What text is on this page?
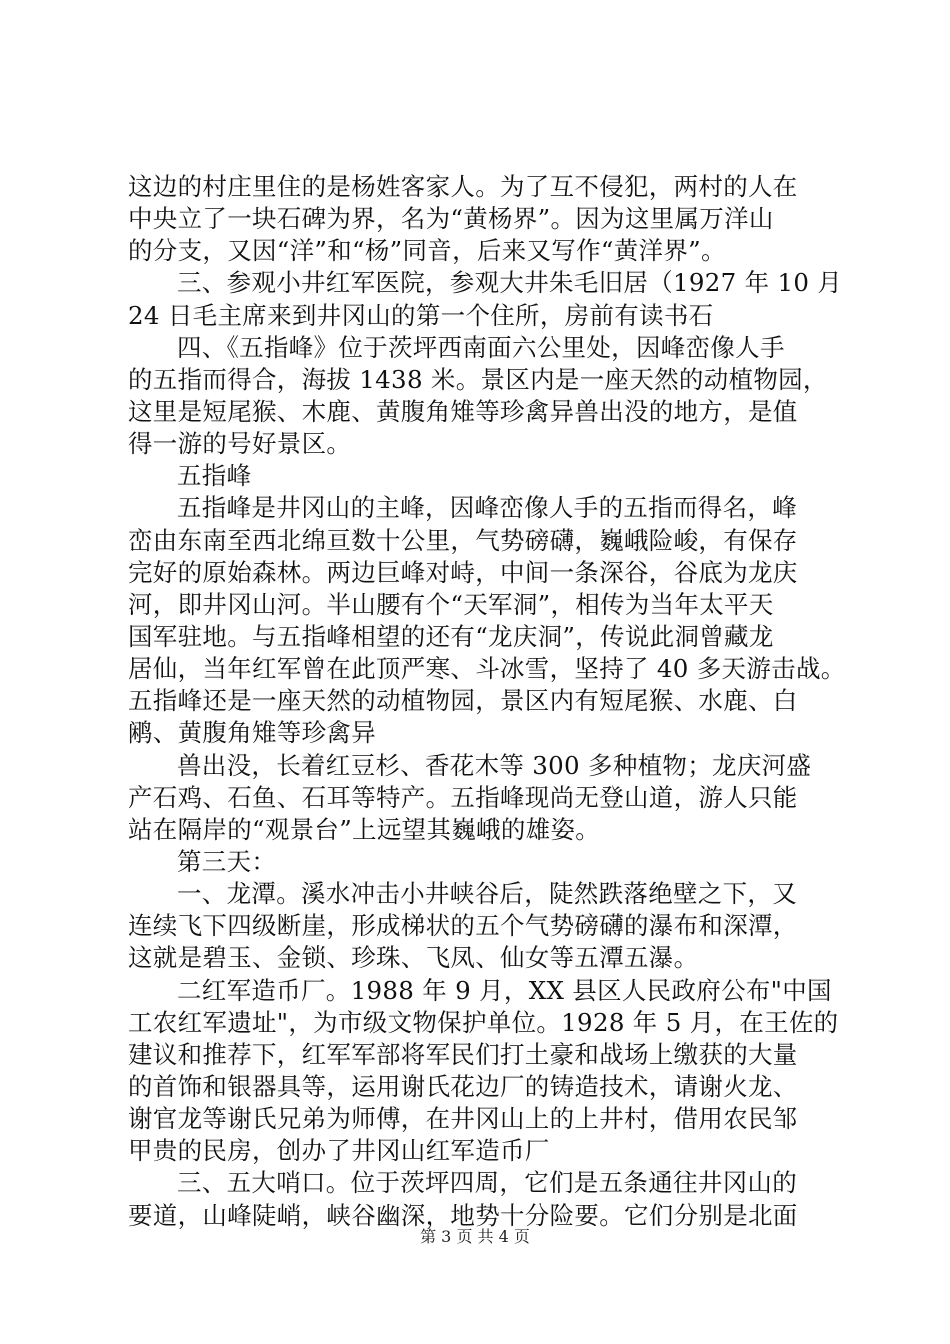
这边的村庄里住的是杨姓客家人。为了互不侵犯，两村的人在
中央立了一块石碑为界，名为“黄杨界”。因为这里属万洋山
的分支，又因“洋”和“杨”同音，后来又写作“黄洋界”。
三、参观小井红军医院，参观大井朱毛旧居（1927 年 10 月
24 日毛主席来到井冈山的第一个住所，房前有读书石
四、《五指峰》位于茨坪西南面六公里处，因峰峦像人手
的五指而得合，海拔 1438 米。景区内是一座天然的动植物园，
这里是短尾猴、木鹿、黄腹角雉等珍禽异兽出没的地方，是值
得一游的号好景区。
五指峰
五指峰是井冈山的主峰，因峰峦像人手的五指而得名，峰
峦由东南至西北绵亘数十公里，气势磅礴，巍峨险峻，有保存
完好的原始森林。两边巨峰对峙，中间一条深谷，谷底为龙庆
河，即井冈山河。半山腰有个“天军洞”，相传为当年太平天
国军驻地。与五指峰相望的还有“龙庆洞”，传说此洞曾藏龙
居仙，当年红军曾在此顶严寒、斗冰雪，坚持了 40 多天游击战。
五指峰还是一座天然的动植物园，景区内有短尾猴、水鹿、白
鹇、黄腹角雉等珍禽异
兽出没，长着红豆杉、香花木等 300 多种植物；龙庆河盛
产石鸡、石鱼、石耳等特产。五指峰现尚无登山道，游人只能
站在隔岸的“观景台”上远望其巍峨的雄姿。
第三天：
一、龙潭。溪水冲击小井峡谷后，陡然跌落绝壁之下，又
连续飞下四级断崖，形成梯状的五个气势磅礴的瀑布和深潭，
这就是碧玉、金锁、珍珠、飞凤、仙女等五潭五瀑。
二红军造币厂。1988 年 9 月，XX 县区人民政府公布"中国
工农红军遗址"，为市级文物保护单位。1928 年 5 月，在王佐的
建议和推荐下，红军军部将军民们打土豪和战场上缴获的大量
的首饰和银器具等，运用谢氏花边厂的铸造技术，请谢火龙、
谢官龙等谢氏兄弟为师傅，在井冈山上的上井村，借用农民邹
甲贵的民房，创办了井冈山红军造币厂
三、五大哨口。位于茨坪四周，它们是五条通往井冈山的
要道，山峰陡峭，峡谷幽深，地势十分险要。它们分别是北面
第 3 页 共 4 页
